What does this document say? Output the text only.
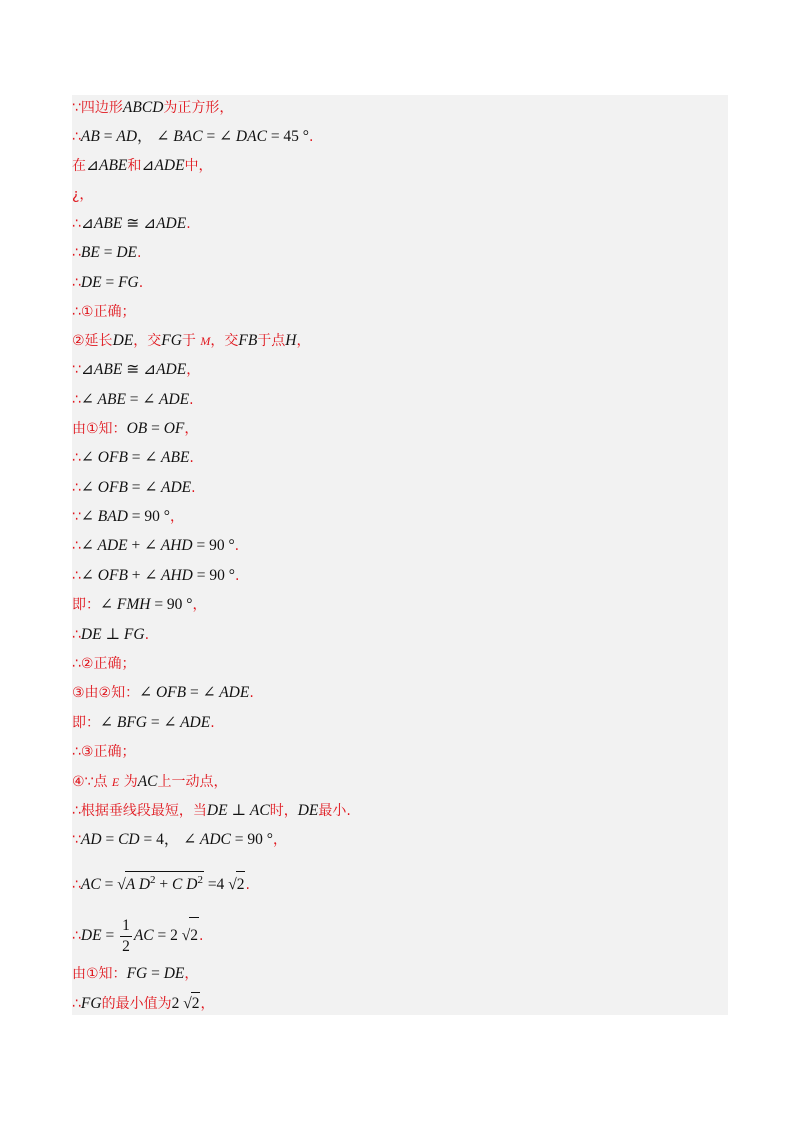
∵四边形ABCD为正方形，
∴AB = AD， ∠ BAC = ∠ DAC = 45 °.
在⊿ABE和⊿ADE中，
¿，
∴⊿ABE ≅ ⊿ADE.
∴BE = DE.
∴DE = FG.
∴①正确；
②延长DE，交FG于 M，交FB于点H，
∵⊿ABE ≅ ⊿ADE，
∴∠ ABE = ∠ ADE.
由①知：OB = OF，
∴∠ OFB = ∠ ABE.
∴∠ OFB = ∠ ADE.
∵∠ BAD = 90 °，
∴∠ ADE + ∠ AHD = 90 °.
∴∠ OFB + ∠ AHD = 90 °.
即：∠ FMH = 90 °，
∴DE ⊥ FG.
∴②正确；
③由②知：∠ OFB = ∠ ADE.
即：∠ BFG = ∠ ADE.
∴③正确；
④∵点 E 为AC上一动点，
∴根据垂线段最短，当DE ⊥ AC时，DE最小.
∵AD = CD = 4， ∠ ADC = 90 °，
∴AC = √A $D^2 + C$ $D^2 =4$ √2.
∴DE = $\frac{1}{2}$ AC = 2 √2.
由①知：FG = DE，
∴FG的最小值为2 √2，
